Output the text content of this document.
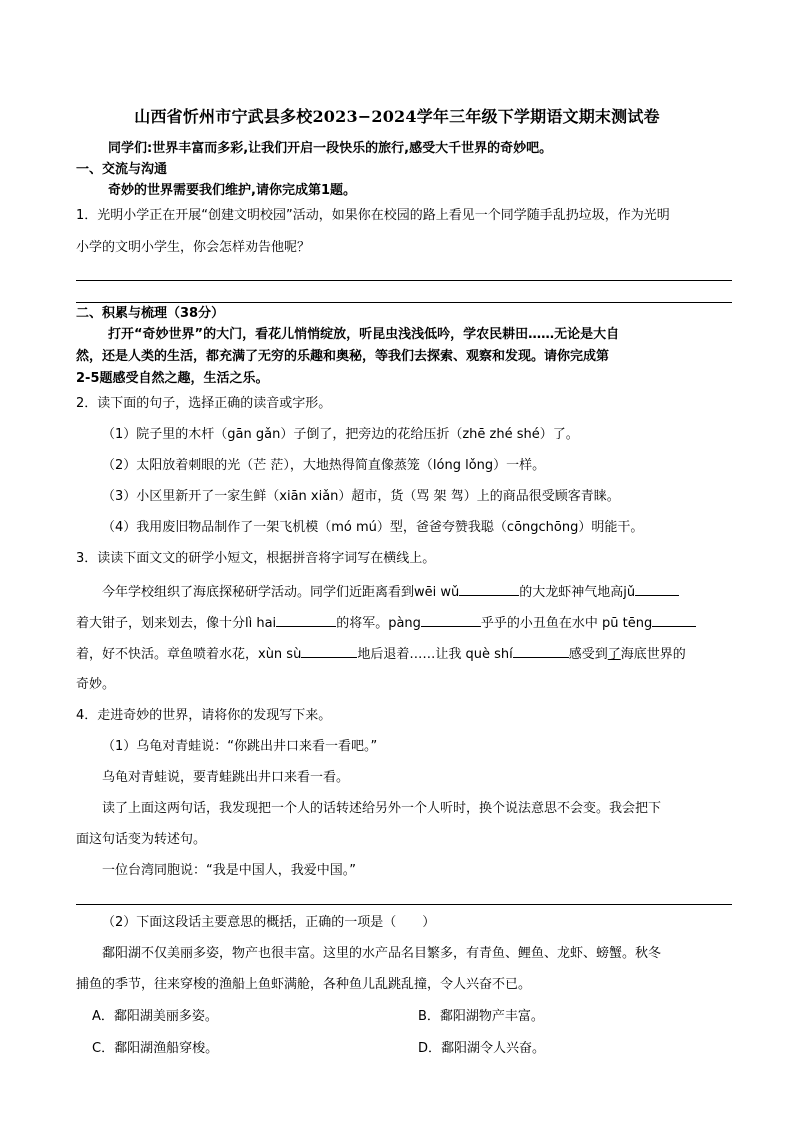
山西省忻州市宁武县多校2023−2024学年三年级下学期语文期末测试卷
同学们:世界丰富而多彩,让我们开启一段快乐的旅行,感受大千世界的奇妙吧。
一、交流与沟通
奇妙的世界需要我们维护,请你完成第1题。
1．光明小学正在开展“创建文明校园”活动，如果你在校园的路上看见一个同学随手乱扔垃圾，作为光明
小学的文明小学生，你会怎样劝告他呢？
二、积累与梳理（38分）
打开“奇妙世界”的大门，看花儿悄悄绽放，听昆虫浅浅低吟，学农民耕田……无论是大自
然，还是人类的生活，都充满了无穷的乐趣和奥秘，等我们去探索、观察和发现。请你完成第
2-5题感受自然之趣，生活之乐。
2．读下面的句子，选择正确的读音或字形。
（1）院子里的木杆（gān gǎn）子倒了，把旁边的花给压折（zhē zhé shé）了。
（2）太阳放着刺眼的光（芒 茫），大地热得简直像蒸笼（lóng lǒng）一样。
（3）小区里新开了一家生鲜（xiān xiǎn）超市，货（骂 架 驾）上的商品很受顾客青睐。
（4）我用废旧物品制作了一架飞机模（mó mú）型，爸爸夸赞我聪（cōngchōng）明能干。
3．读读下面文文的研学小短文，根据拼音将字词写在横线上。
今年学校组织了海底探秘研学活动。同学们近距离看到wēi wǔ	的大龙虾神气地高jǔ
着大钳子，划来划去，像十分lì hai	的将军。pàng	乎乎的小丑鱼在水中 pū tēng
着，好不快活。章鱼喷着水花，xùn sù	地后退着……让我 què shí	感受到了海底世界的
奇妙。
4．走进奇妙的世界，请将你的发现写下来。
（1）乌龟对青蛙说：“你跳出井口来看一看吧。”
乌龟对青蛙说，要青蛙跳出井口来看一看。
读了上面这两句话，我发现把一个人的话转述给另外一个人听时，换个说法意思不会变。我会把下
面这句话变为转述句。
一位台湾同胞说：“我是中国人，我爱中国。”
（2）下面这段话主要意思的概括，正确的一项是（　　）
鄱阳湖不仅美丽多姿，物产也很丰富。这里的水产品名目繁多，有青鱼、鲤鱼、龙虾、螃蟹。秋冬
捕鱼的季节，往来穿梭的渔船上鱼虾满舱，各种鱼儿乱跳乱撞，令人兴奋不已。
A．鄱阳湖美丽多姿。	B．鄱阳湖物产丰富。
C．鄱阳湖渔船穿梭。	D．鄱阳湖令人兴奋。
